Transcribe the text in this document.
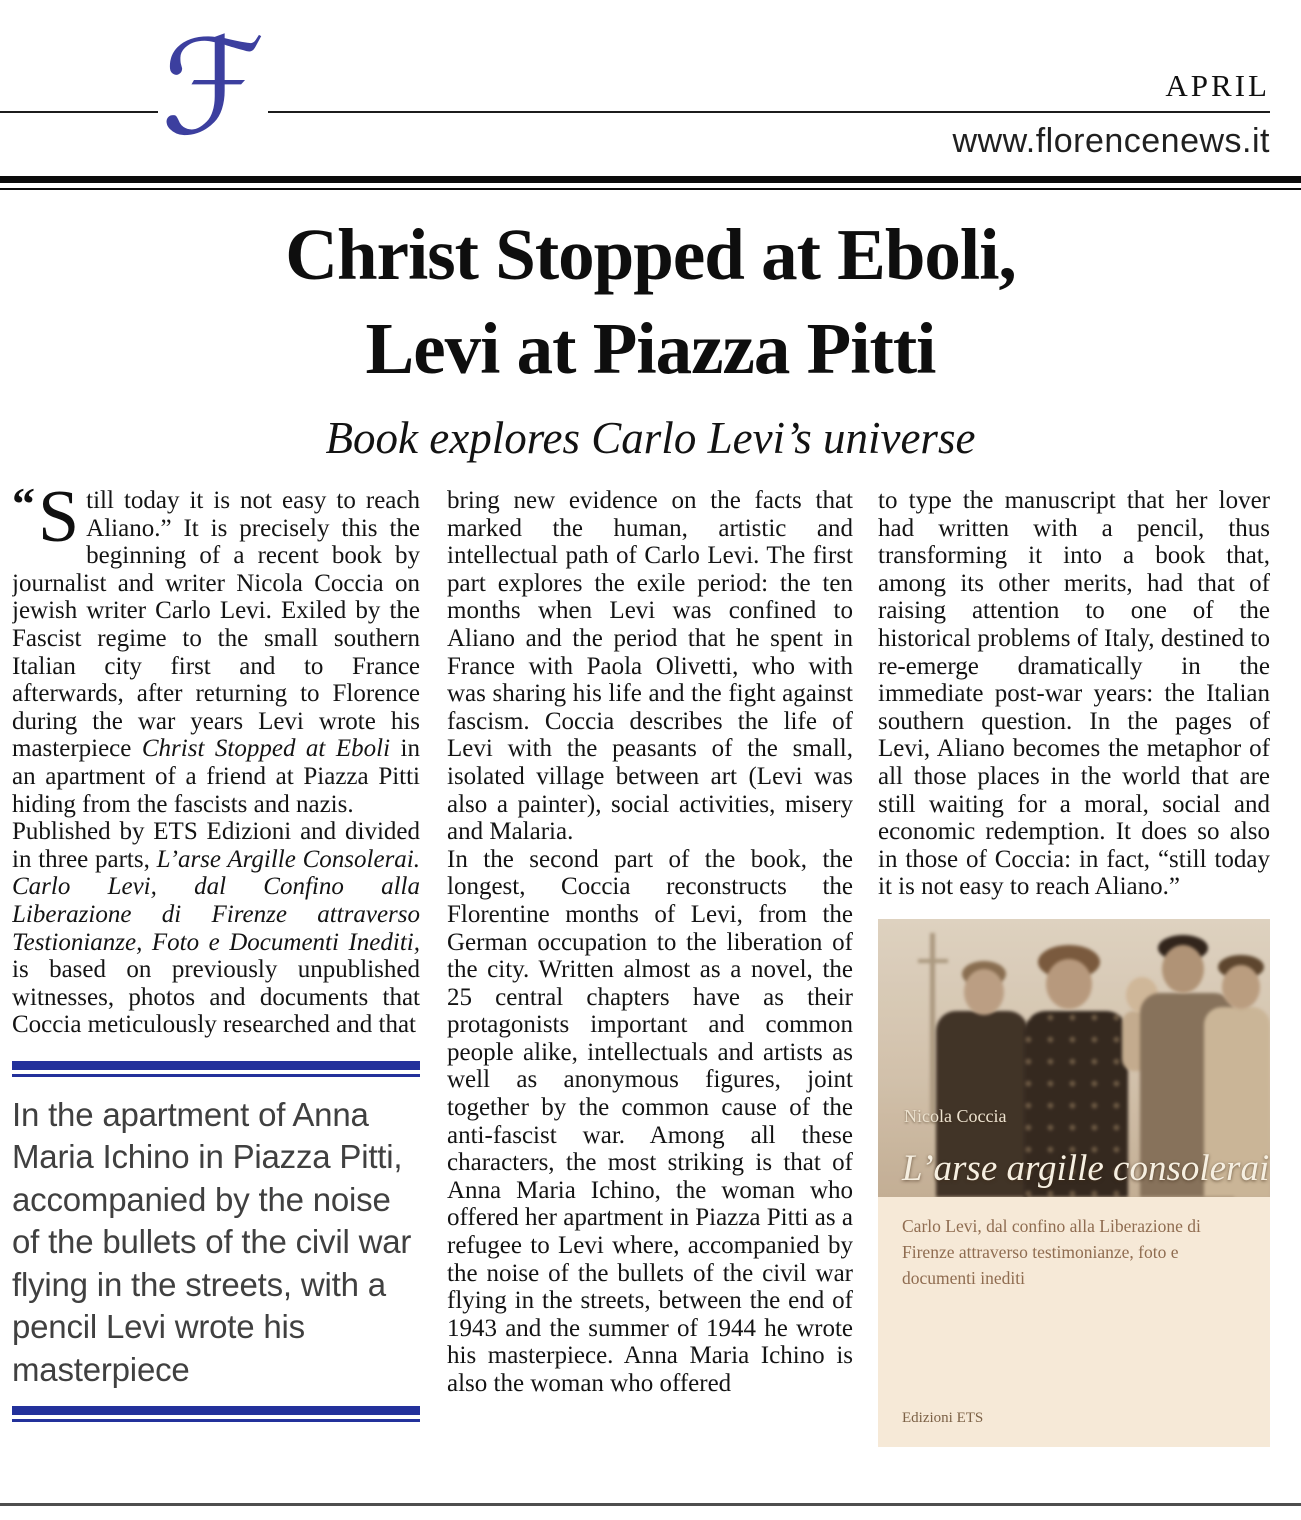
ℱ	APRIL
www.florencenews.it
Christ Stopped at Eboli,
Levi at Piazza Pitti
Book explores Carlo Levi’s universe

“ S till today it is not easy to reach Aliano.” It is precisely this the beginning of a recent book by journalist and writer Nicola Coccia on jewish writer Carlo Levi. Exiled by the Fascist regime to the small southern Italian city first and to France afterwards, after returning to Florence during the war years Levi wrote his masterpiece Christ Stopped at Eboli in an apartment of a friend at Piazza Pitti hiding from the fascists and nazis.

Published by ETS Edizioni and divided in three parts, L’arse Argille Consolerai. Carlo Levi, dal Confino alla Liberazione di Firenze attraverso Testionianze, Foto e Documenti Inediti, is based on previously unpublished witnesses, photos and documents that Coccia meticulously researched and that

In the apartment of Anna Maria Ichino in Piazza Pitti, accompanied by the noise of the bullets of the civil war flying in the streets, with a pencil Levi wrote his masterpiece

bring new evidence on the facts that marked the human, artistic and intellectual path of Carlo Levi. The first part explores the exile period: the ten months when Levi was confined to Aliano and the period that he spent in France with Paola Olivetti, who with was sharing his life and the fight against fascism. Coccia describes the life of Levi with the peasants of the small, isolated village between art (Levi was also a painter), social activities, misery and Malaria.

In the second part of the book, the longest, Coccia reconstructs the Florentine months of Levi, from the German occupation to the liberation of the city. Written almost as a novel, the 25 central chapters have as their protagonists important and common people alike, intellectuals and artists as well as anonymous figures, joint together by the common cause of the anti-fascist war. Among all these characters, the most striking is that of Anna Maria Ichino, the woman who offered her apartment in Piazza Pitti as a refugee to Levi where, accompanied by the noise of the bullets of the civil war flying in the streets, between the end of 1943 and the summer of 1944 he wrote his masterpiece. Anna Maria Ichino is also the woman who offered

to type the manuscript that her lover had written with a pencil, thus transforming it into a book that, among its other merits, had that of raising attention to one of the historical problems of Italy, destined to re-emerge dramatically in the immediate post-war years: the Italian southern question. In the pages of Levi, Aliano becomes the metaphor of all those places in the world that are still waiting for a moral, social and economic redemption. It does so also in those of Coccia: in fact, “still today it is not easy to reach Aliano.”

Nicola Coccia
L’arse argille consolerai
Carlo Levi, dal confino alla Liberazione di Firenze attraverso testimonianze, foto e documenti inediti
Edizioni ETS
